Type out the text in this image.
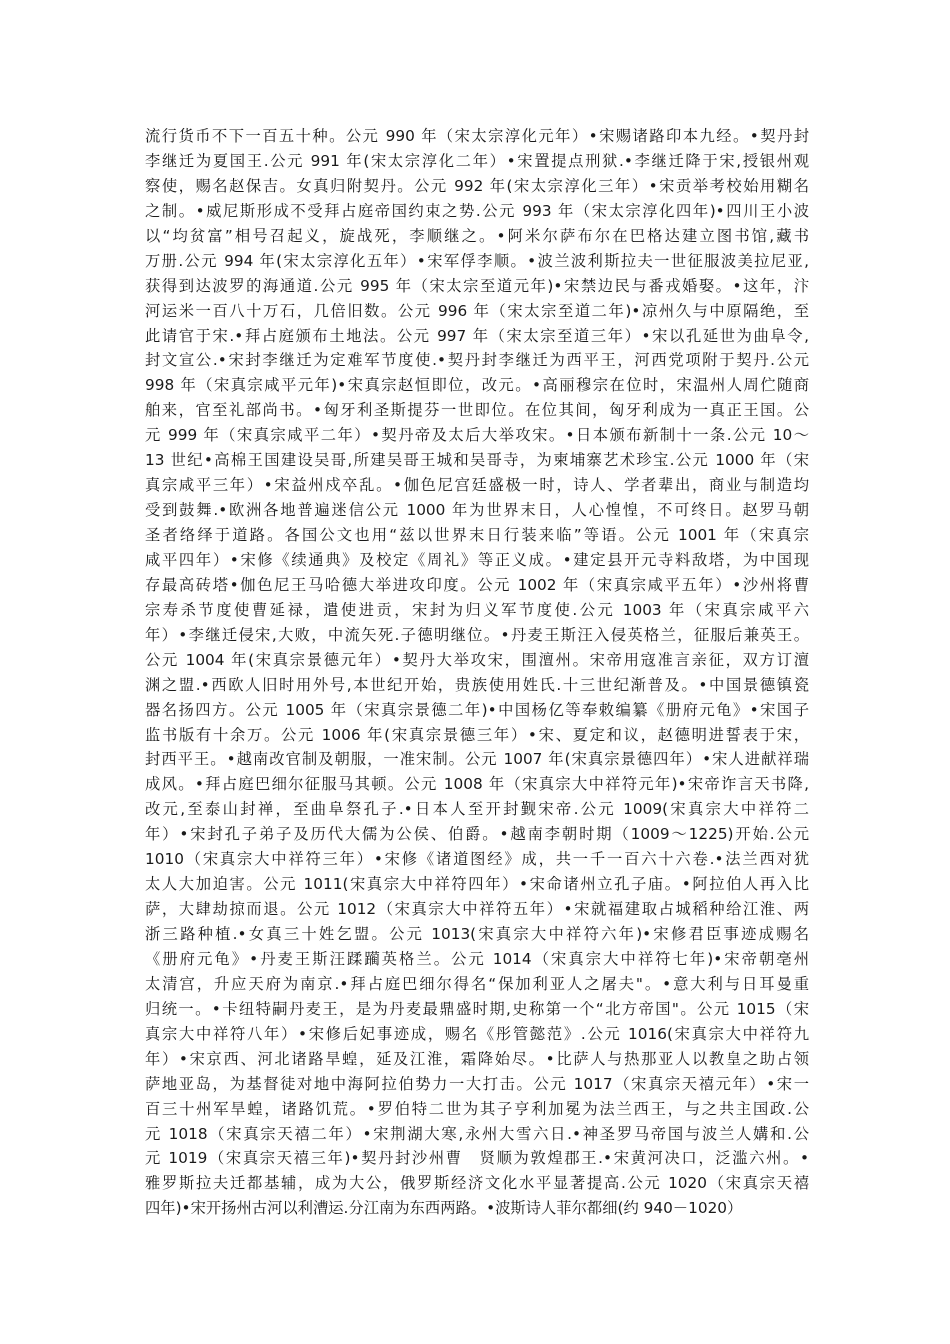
流行货币不下一百五十种。公元 990 年（宋太宗淳化元年）•宋赐诸路印本九经。•契丹封
李继迁为夏国王.公元 991 年(宋太宗淳化二年）•宋置提点刑狱.•李继迁降于宋,授银州观
察使，赐名赵保吉。女真归附契丹。公元 992 年(宋太宗淳化三年）•宋贡举考校始用糊名
之制。•威尼斯形成不受拜占庭帝国约束之势.公元 993 年（宋太宗淳化四年)•四川王小波
以“均贫富”相号召起义，旋战死，李顺继之。•阿米尔萨布尔在巴格达建立图书馆,藏书
万册.公元 994 年(宋太宗淳化五年）•宋军俘李顺。•波兰波利斯拉夫一世征服波美拉尼亚,
获得到达波罗的海通道.公元 995 年（宋太宗至道元年)•宋禁边民与番戎婚娶。•这年，汴
河运米一百八十万石，几倍旧数。公元 996 年（宋太宗至道二年)•凉州久与中原隔绝，至
此请官于宋.•拜占庭颁布土地法。公元 997 年（宋太宗至道三年）•宋以孔延世为曲阜令,
封文宣公.•宋封李继迁为定难军节度使.•契丹封李继迁为西平王，河西党项附于契丹.公元
998 年（宋真宗咸平元年)•宋真宗赵恒即位，改元。•高丽穆宗在位时，宋温州人周伫随商
舶来，官至礼部尚书。•匈牙利圣斯提芬一世即位。在位其间，匈牙利成为一真正王国。公
元 999 年（宋真宗咸平二年）•契丹帝及太后大举攻宋。•日本颁布新制十一条.公元 10～
13 世纪•高棉王国建设吴哥,所建吴哥王城和吴哥寺，为柬埔寨艺术珍宝.公元 1000 年（宋
真宗咸平三年）•宋益州戍卒乱。•伽色尼宫廷盛极一时，诗人、学者辈出，商业与制造均
受到鼓舞.•欧洲各地普遍迷信公元 1000 年为世界末日，人心惶惶，不可终日。赵罗马朝
圣者络绎于道路。各国公文也用“兹以世界末日行装来临”等语。公元 1001 年（宋真宗
咸平四年）•宋修《续通典》及校定《周礼》等正义成。•建定县开元寺料敌塔，为中国现
存最高砖塔•伽色尼王马哈德大举进攻印度。公元 1002 年（宋真宗咸平五年）•沙州将曹
宗寿杀节度使曹延禄，遣使进贡，宋封为归义军节度使.公元 1003 年（宋真宗咸平六
年）•李继迁侵宋,大败，中流矢死.子德明继位。•丹麦王斯汪入侵英格兰，征服后兼英王。
公元 1004 年(宋真宗景德元年）•契丹大举攻宋，围澶州。宋帝用寇准言亲征，双方订澶
渊之盟.•西欧人旧时用外号,本世纪开始，贵族使用姓氏.十三世纪渐普及。•中国景德镇瓷
器名扬四方。公元 1005 年（宋真宗景德二年)•中国杨亿等奉敕编纂《册府元龟》•宋国子
监书版有十余万。公元 1006 年(宋真宗景德三年）•宋、夏定和议，赵德明进誓表于宋，
封西平王。•越南改官制及朝服，一准宋制。公元 1007 年(宋真宗景德四年）•宋人进献祥瑞
成风。•拜占庭巴细尔征服马其顿。公元 1008 年（宋真宗大中祥符元年)•宋帝诈言天书降,
改元,至泰山封禅，至曲阜祭孔子.•日本人至开封觐宋帝.公元 1009(宋真宗大中祥符二
年）•宋封孔子弟子及历代大儒为公侯、伯爵。•越南李朝时期（1009～1225)开始.公元
1010（宋真宗大中祥符三年）•宋修《诸道图经》成，共一千一百六十六卷.•法兰西对犹
太人大加迫害。公元 1011(宋真宗大中祥符四年）•宋命诸州立孔子庙。•阿拉伯人再入比
萨，大肆劫掠而退。公元 1012（宋真宗大中祥符五年）•宋就福建取占城稻种给江淮、两
浙三路种植.•女真三十姓乞盟。公元 1013(宋真宗大中祥符六年)•宋修君臣事迹成赐名
《册府元龟》•丹麦王斯汪蹂躏英格兰。公元 1014（宋真宗大中祥符七年)•宋帝朝亳州
太清宫，升应天府为南京.•拜占庭巴细尔得名“保加利亚人之屠夫"。•意大利与日耳曼重
归统一。•卡纽特嗣丹麦王，是为丹麦最鼎盛时期,史称第一个“北方帝国"。公元 1015（宋
真宗大中祥符八年）•宋修后妃事迹成，赐名《彤管懿范》.公元 1016(宋真宗大中祥符九
年）•宋京西、河北诸路旱蝗，延及江淮，霜降始尽。•比萨人与热那亚人以教皇之助占领
萨地亚岛，为基督徒对地中海阿拉伯势力一大打击。公元 1017（宋真宗天禧元年）•宋一
百三十州军旱蝗，诸路饥荒。•罗伯特二世为其子亨利加冕为法兰西王，与之共主国政.公
元 1018（宋真宗天禧二年）•宋荆湖大寒,永州大雪六日.•神圣罗马帝国与波兰人媾和.公
元 1019（宋真宗天禧三年)•契丹封沙州曹　贤顺为敦煌郡王.•宋黄河决口，泛滥六州。•
雅罗斯拉夫迁都基辅，成为大公，俄罗斯经济文化水平显著提高.公元 1020（宋真宗天禧
四年)•宋开扬州古河以利漕运.分江南为东西两路。•波斯诗人菲尔都细(约 940－1020）
